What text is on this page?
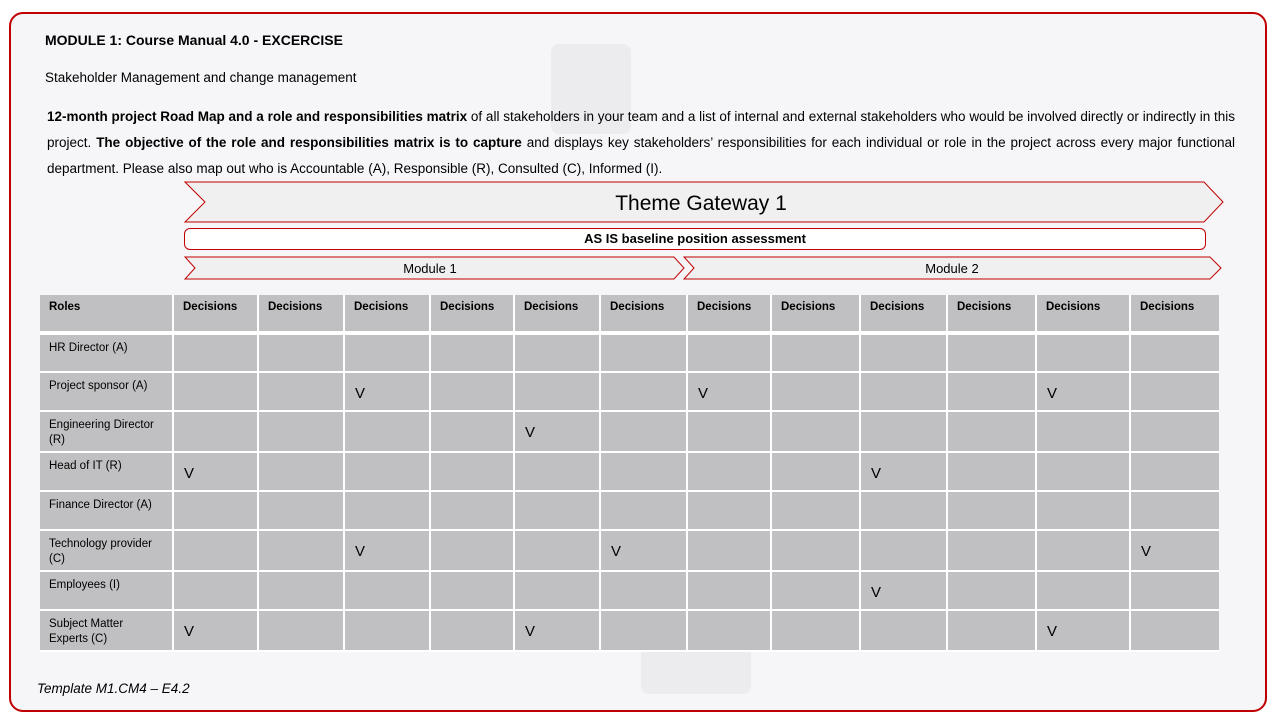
MODULE 1: Course Manual 4.0 - EXCERCISE
Stakeholder Management and change management
12-month project Road Map and a role and responsibilities matrix of all stakeholders in your team and a list of internal and external stakeholders who would be involved directly or indirectly in this project. The objective of the role and responsibilities matrix is to capture and displays key stakeholders’ responsibilities for each individual or role in the project across every major functional department. Please also map out who is Accountable (A), Responsible (R), Consulted (C), Informed (I).
Theme Gateway 1
AS IS baseline position assessment
Module 1	Module 2
Roles	Decisions	Decisions	Decisions	Decisions	Decisions	Decisions	Decisions	Decisions	Decisions	Decisions	Decisions	Decisions
HR Director (A)												
Project sponsor (A)			V				V				V	
Engineering Director (R)					V							
Head of IT (R)	V								V			
Finance Director (A)												
Technology provider (C)			V			V						V
Employees (I)									V			
Subject Matter Experts (C)	V				V						V	
Template M1.CM4 – E4.2
